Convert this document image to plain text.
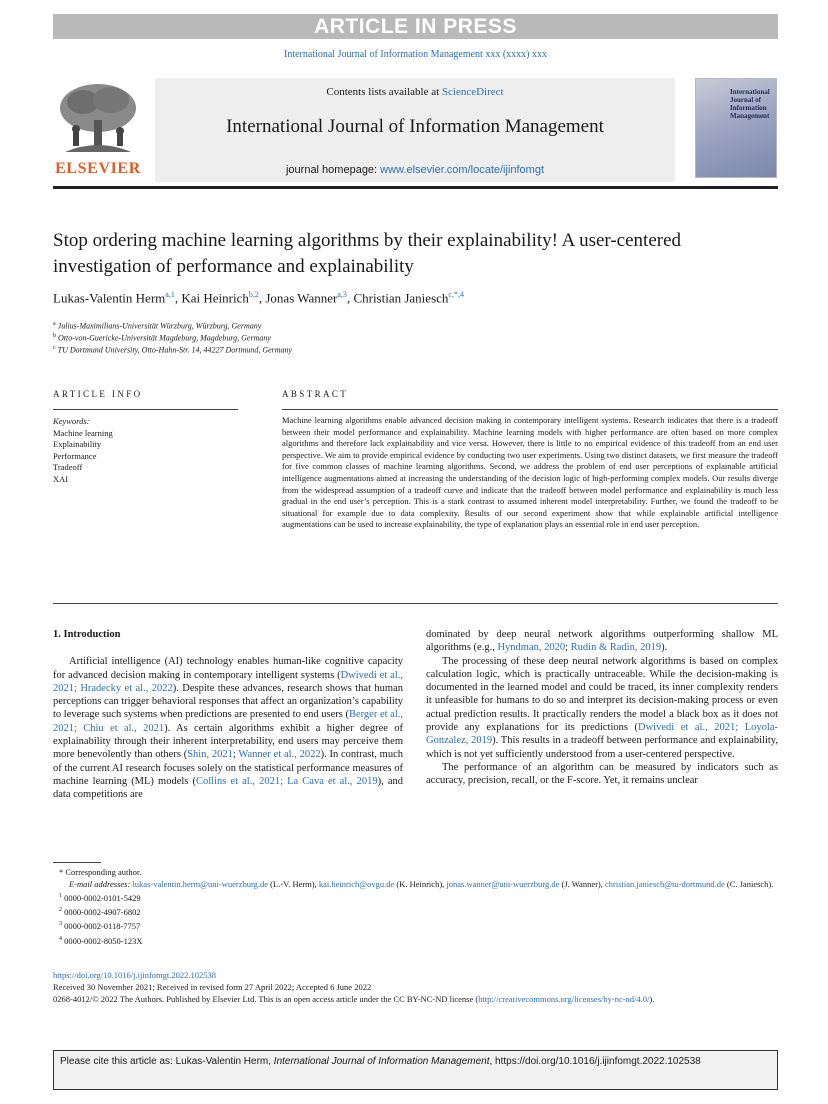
ARTICLE IN PRESS
International Journal of Information Management xxx (xxxx) xxx
ELSEVIER
Contents lists available at ScienceDirect
International Journal of Information Management
journal homepage: www.elsevier.com/locate/ijinfomgt
International Journal of Information Management
Stop ordering machine learning algorithms by their explainability! A user-centered investigation of performance and explainability
Lukas-Valentin Herm$^{a,1}$, Kai Heinrich$^{b,2}$, Jonas Wanner$^{a,3}$, Christian Janiesch$^{c,*,4}$
$^a$ Julius-Maximilians-Universität Würzburg, Würzburg, Germany
$^b$ Otto-von-Guericke-Universität Magdeburg, Magdeburg, Germany
$^c$ TU Dortmund University, Otto-Hahn-Str. 14, 44227 Dortmund, Germany
ARTICLE INFO	ABSTRACT
Keywords:
Machine learning
Explainability
Performance
Tradeoff
XAI
Machine learning algorithms enable advanced decision making in contemporary intelligent systems. Research indicates that there is a tradeoff between their model performance and explainability. Machine learning models with higher performance are often based on more complex algorithms and therefore lack explainability and vice versa. However, there is little to no empirical evidence of this tradeoff from an end user perspective. We aim to provide empirical evidence by conducting two user experiments. Using two distinct datasets, we first measure the tradeoff for five common classes of machine learning algorithms. Second, we address the problem of end user perceptions of explainable artificial intelligence augmentations aimed at increasing the understanding of the decision logic of high-performing complex models. Our results diverge from the widespread assumption of a tradeoff curve and indicate that the tradeoff between model performance and explainability is much less gradual in the end user’s perception. This is a stark contrast to assumed inherent model interpretability. Further, we found the tradeoff to be situational for example due to data complexity. Results of our second experiment show that while explainable artificial intelligence augmentations can be used to increase explainability, the type of explanation plays an essential role in end user perception.
1. Introduction

Artificial intelligence (AI) technology enables human-like cognitive capacity for advanced decision making in contemporary intelligent systems (Dwivedi et al., 2021; Hradecky et al., 2022). Despite these advances, research shows that human perceptions can trigger behavioral responses that affect an organization’s capability to leverage such systems when predictions are presented to end users (Berger et al., 2021; Chiu et al., 2021). As certain algorithms exhibit a higher degree of explainability through their inherent interpretability, end users may perceive them more benevolently than others (Shin, 2021; Wanner et al., 2022). In contrast, much of the current AI research focuses solely on the statistical performance measures of machine learning (ML) models (Collins et al., 2021; La Cava et al., 2019), and data competitions are

dominated by deep neural network algorithms outperforming shallow ML algorithms (e.g., Hyndman, 2020; Rudin & Radin, 2019).

The processing of these deep neural network algorithms is based on complex calculation logic, which is practically untraceable. While the decision-making is documented in the learned model and could be traced, its inner complexity renders it unfeasible for humans to do so and interpret its decision-making process or even actual prediction results. It practically renders the model a black box as it does not provide any explanations for its predictions (Dwivedi et al., 2021; Loyola-Gonzalez, 2019). This results in a tradeoff between performance and explainability, which is not yet sufficiently understood from a user-centered perspective.

The performance of an algorithm can be measured by indicators such as accuracy, precision, recall, or the F-score. Yet, it remains unclear

* Corresponding author.
E-mail addresses: lukas-valentin.herm@uni-wuerzburg.de (L.-V. Herm), kai.heinrich@ovgu.de (K. Heinrich), jonas.wanner@uni-wuerzburg.de (J. Wanner), christian.janiesch@tu-dortmund.de (C. Janiesch).
$^1$ 0000-0002-0101-5429
$^2$ 0000-0002-4907-6802
$^3$ 0000-0002-0118-7757
$^4$ 0000-0002-8050-123X
https://doi.org/10.1016/j.ijinfomgt.2022.102538
Received 30 November 2021; Received in revised form 27 April 2022; Accepted 6 June 2022
0268-4012/© 2022 The Authors. Published by Elsevier Ltd. This is an open access article under the CC BY-NC-ND license (http://creativecommons.org/licenses/by-nc-nd/4.0/).
Please cite this article as: Lukas-Valentin Herm, International Journal of Information Management, https://doi.org/10.1016/j.ijinfomgt.2022.102538
